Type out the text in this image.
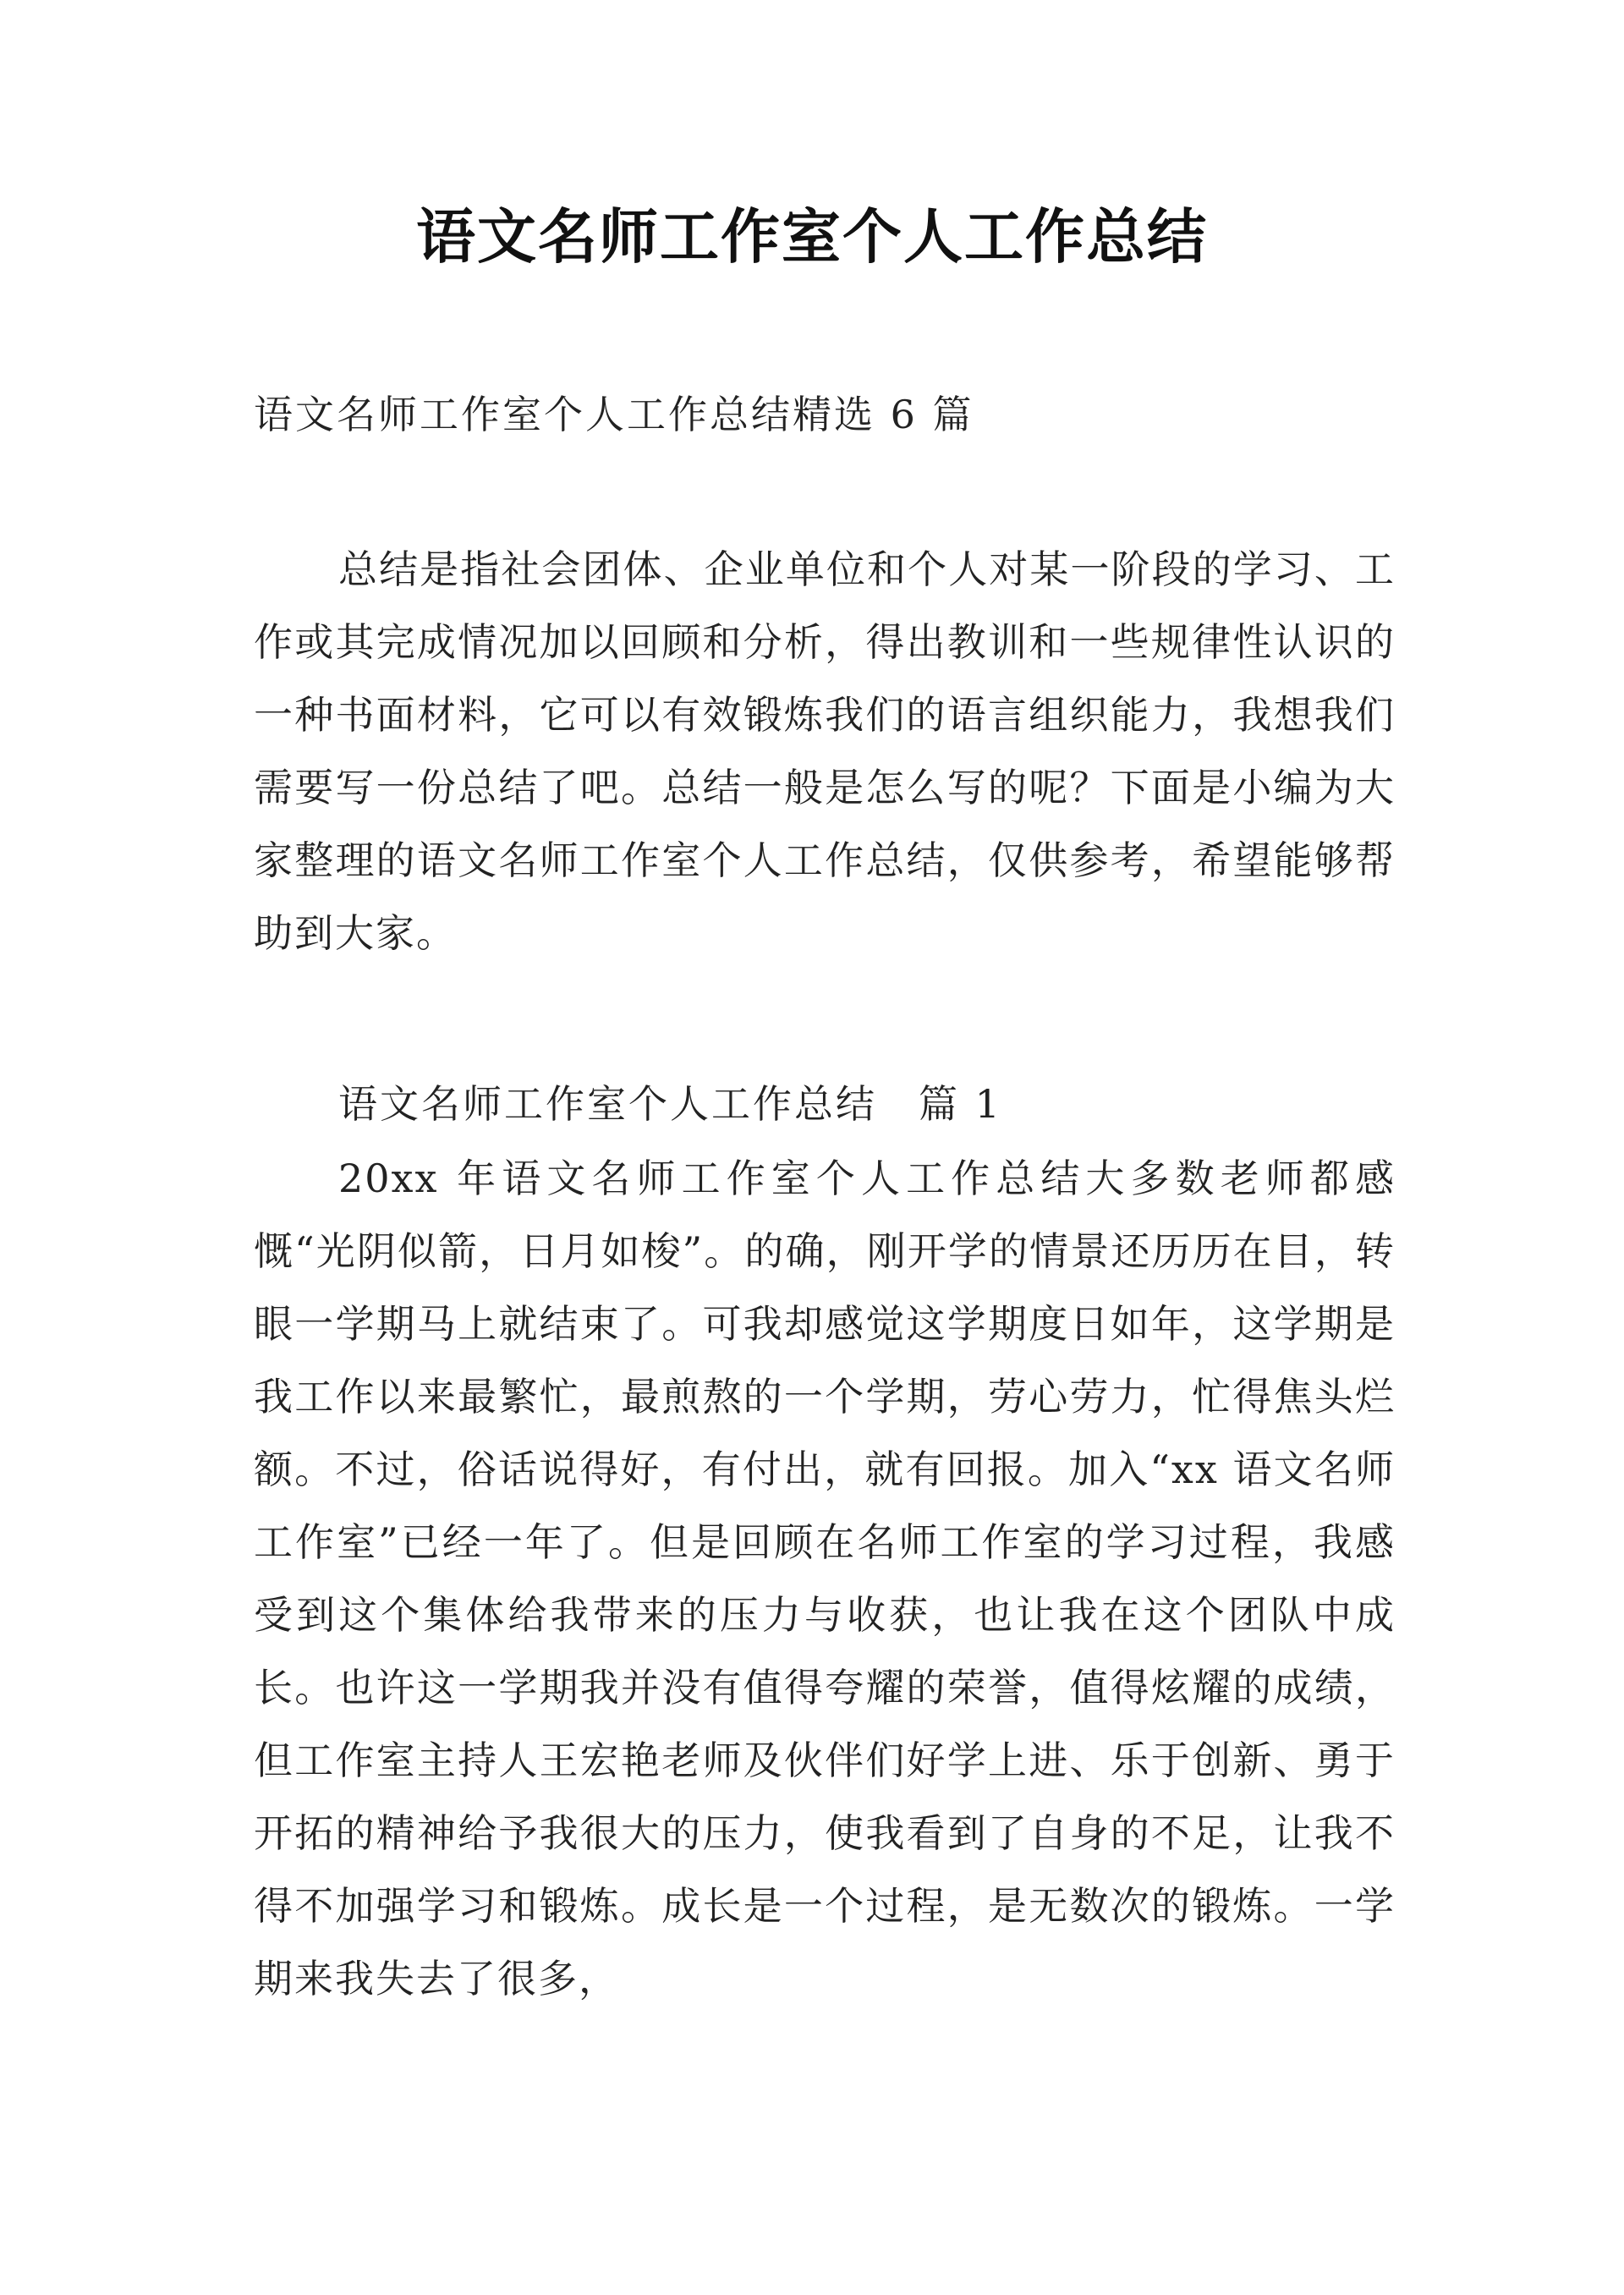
语文名师工作室个人工作总结
语文名师工作室个人工作总结精选 6 篇

总结是指社会团体、企业单位和个人对某一阶段的学习、工作或其完成情况加以回顾和分析，得出教训和一些规律性认识的一种书面材料，它可以有效锻炼我们的语言组织能力，我想我们需要写一份总结了吧。总结一般是怎么写的呢？下面是小编为大家整理的语文名师工作室个人工作总结，仅供参考，希望能够帮助到大家。

语文名师工作室个人工作总结　篇 1

20xx 年语文名师工作室个人工作总结大多数老师都感慨“光阴似箭，日月如梭”。的确，刚开学的情景还历历在目，转眼一学期马上就结束了。可我却感觉这学期度日如年，这学期是我工作以来最繁忙，最煎熬的一个学期，劳心劳力，忙得焦头烂额。不过，俗话说得好，有付出，就有回报。加入“xx 语文名师工作室”已经一年了。但是回顾在名师工作室的学习过程，我感受到这个集体给我带来的压力与收获，也让我在这个团队中成长。也许这一学期我并没有值得夸耀的荣誉，值得炫耀的成绩，但工作室主持人王宏艳老师及伙伴们好学上进、乐于创新、勇于开拓的精神给予我很大的压力，使我看到了自身的不足，让我不得不加强学习和锻炼。成长是一个过程，是无数次的锻炼。一学期来我失去了很多，
